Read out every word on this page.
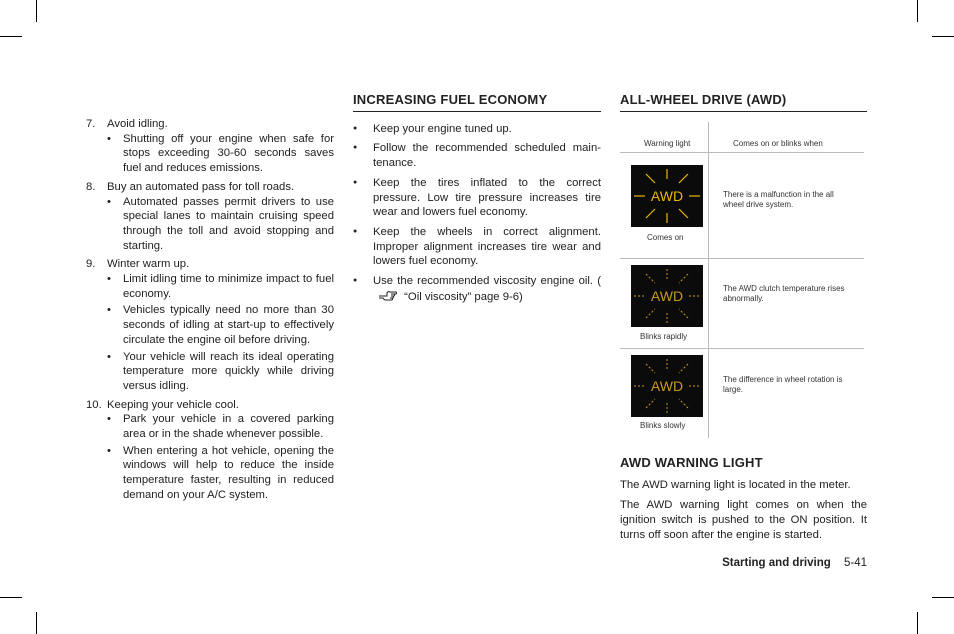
7. Avoid idling.
• Shutting off your engine when safe for stops exceeding 30-60 seconds saves fuel and reduces emissions.
8. Buy an automated pass for toll roads.
• Automated passes permit drivers to use special lanes to maintain cruising speed through the toll and avoid stopping and starting.
9. Winter warm up.
• Limit idling time to minimize impact to fuel economy.
• Vehicles typically need no more than 30 seconds of idling at start-up to effectively circulate the engine oil before driving.
• Your vehicle will reach its ideal operating temperature more quickly while driving versus idling.
10. Keeping your vehicle cool.
• Park your vehicle in a covered parking area or in the shade whenever possible.
• When entering a hot vehicle, opening the windows will help to reduce the inside temperature faster, resulting in reduced demand on your A/C system.
INCREASING FUEL ECONOMY
● Keep your engine tuned up.
● Follow the recommended scheduled main-tenance.
● Keep the tires inflated to the correct pressure. Low tire pressure increases tire wear and lowers fuel economy.
● Keep the wheels in correct alignment. Improper alignment increases tire wear and lowers fuel economy.
● Use the recommended viscosity engine oil. (  “Oil viscosity” page 9-6)
ALL-WHEEL DRIVE (AWD)
Warning light	Comes on or blinks when
AWD
Comes on
There is a malfunction in the all wheel drive system.
AWD
Blinks rapidly
The AWD clutch temperature rises abnormally.
AWD
Blinks slowly
The difference in wheel rotation is large.
AWD WARNING LIGHT
The AWD warning light is located in the meter.
The AWD warning light comes on when the ignition switch is pushed to the ON position. It turns off soon after the engine is started.
Starting and driving 5-41
